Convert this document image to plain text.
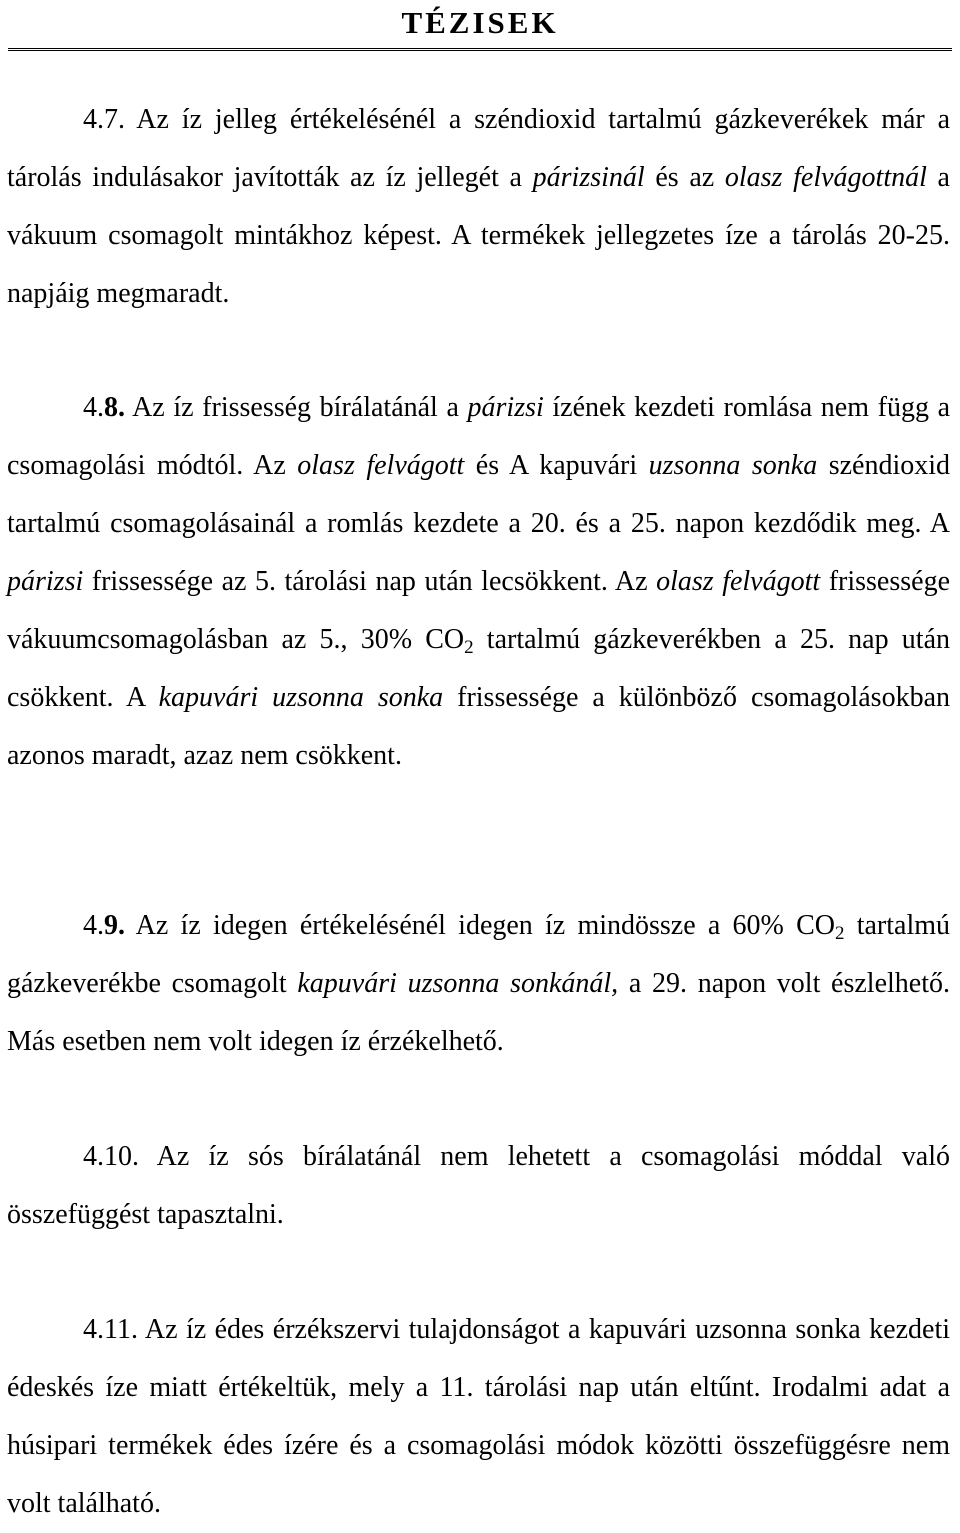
TÉZISEK

4.7. Az íz jelleg értékelésénél a széndioxid tartalmú gázkeverékek már a tárolás indulásakor javították az íz jellegét a párizsinál és az olasz felvágottnál a vákuum csomagolt mintákhoz képest. A termékek jellegzetes íze a tárolás 20-25. napjáig megmaradt.

4.8. Az íz frissesség bírálatánál a párizsi ízének kezdeti romlása nem függ a csomagolási módtól. Az olasz felvágott és A kapuvári uzsonna sonka széndioxid tartalmú csomagolásainál a romlás kezdete a 20. és a 25. napon kezdődik meg. A párizsi frissessége az 5. tárolási nap után lecsökkent. Az olasz felvágott frissessége vákuumcsomagolásban az 5., 30% $CO_2$ tartalmú gázkeverékben a 25. nap után csökkent. A kapuvári uzsonna sonka frissessége a különböző csomagolásokban azonos maradt, azaz nem csökkent.

4.9. Az íz idegen értékelésénél idegen íz mindössze a 60% $CO_2$ tartalmú gázkeverékbe csomagolt kapuvári uzsonna sonkánál, a 29. napon volt észlelhető. Más esetben nem volt idegen íz érzékelhető.

4.10. Az íz sós bírálatánál nem lehetett a csomagolási móddal való összefüggést tapasztalni.

4.11. Az íz édes érzékszervi tulajdonságot a kapuvári uzsonna sonka kezdeti édeskés íze miatt értékeltük, mely a 11. tárolási nap után eltűnt. Irodalmi adat a húsipari termékek édes ízére és a csomagolási módok közötti összefüggésre nem volt található.
